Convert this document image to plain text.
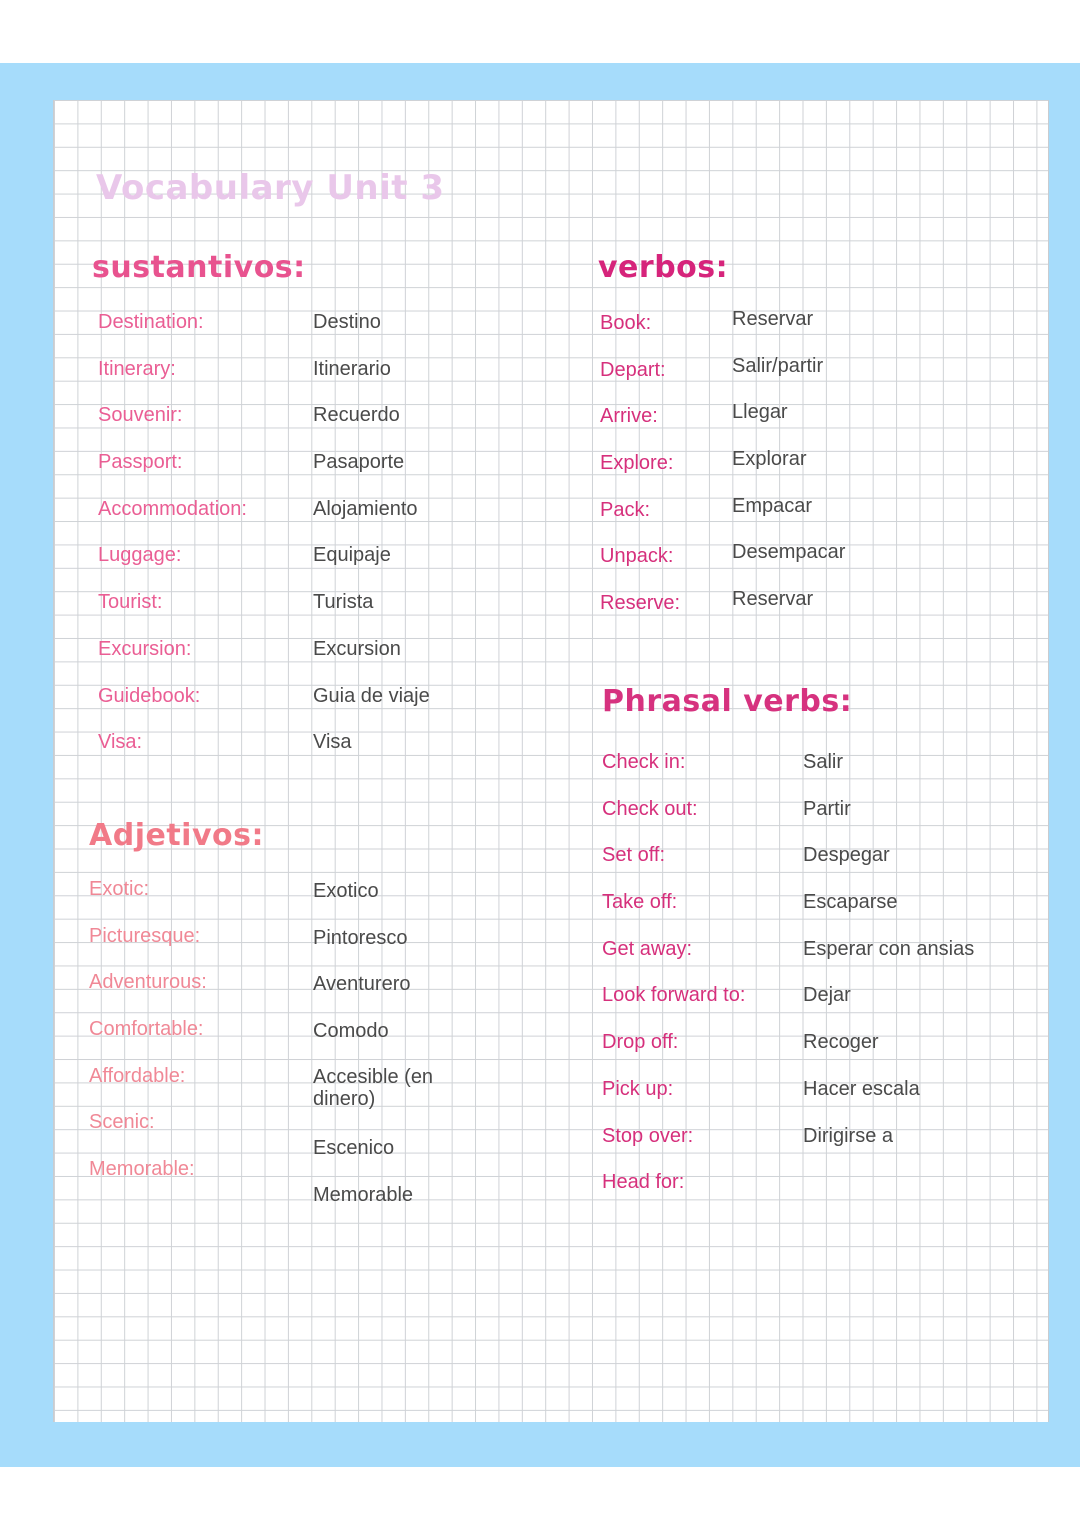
Vocabulary Unit 3
sustantivos:
Destination:
Itinerary:
Souvenir:
Passport:
Accommodation:
Luggage:
Tourist:
Excursion:
Guidebook:
Visa:
Destino
Itinerario
Recuerdo
Pasaporte
Alojamiento
Equipaje
Turista
Excursion
Guia de viaje
Visa
Adjetivos:
Exotic:
Picturesque:
Adventurous:
Comfortable:
Affordable:
Scenic:
Memorable:
Exotico
Pintoresco
Aventurero
Comodo
Accesible (en dinero)
Escenico
Memorable
verbos:
Book:
Depart:
Arrive:
Explore:
Pack:
Unpack:
Reserve:
Reservar
Salir/partir
Llegar
Explorar
Empacar
Desempacar
Reservar
Phrasal verbs:
Check in:
Check out:
Set off:
Take off:
Get away:
Look forward to:
Drop off:
Pick up:
Stop over:
Head for:
Salir
Partir
Despegar
Escaparse
Esperar con ansias
Dejar
Recoger
Hacer escala
Dirigirse a
